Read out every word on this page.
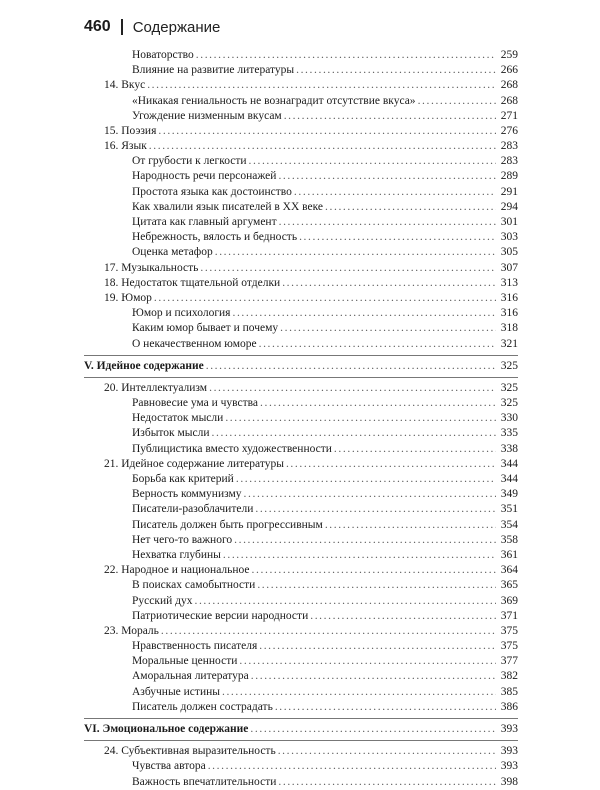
460 Содержание
Новаторство .....	259
Влияние на развитие литературы .....	266
14. Вкус .....	268
«Никакая гениальность не вознаградит отсутствие вкуса» .....	268
Угождение низменным вкусам .....	271
15. Поэзия .....	276
16. Язык .....	283
От грубости к легкости .....	283
Народность речи персонажей .....	289
Простота языка как достоинство .....	291
Как хвалили язык писателей в XX веке .....	294
Цитата как главный аргумент .....	301
Небрежность, вялость и бедность .....	303
Оценка метафор .....	305
17. Музыкальность .....	307
18. Недостаток тщательной отделки .....	313
19. Юмор .....	316
Юмор и психология .....	316
Каким юмор бывает и почему .....	318
О некачественном юморе .....	321
V. Идейное содержание .....	325
20. Интеллектуализм .....	325
Равновесие ума и чувства .....	325
Недостаток мысли .....	330
Избыток мысли .....	335
Публицистика вместо художественности .....	338
21. Идейное содержание литературы .....	344
Борьба как критерий .....	344
Верность коммунизму .....	349
Писатели-разоблачители .....	351
Писатель должен быть прогрессивным .....	354
Нет чего-то важного .....	358
Нехватка глубины .....	361
22. Народное и национальное .....	364
В поисках самобытности .....	365
Русский дух .....	369
Патриотические версии народности .....	371
23. Мораль .....	375
Нравственность писателя .....	375
Моральные ценности .....	377
Аморальная литература .....	382
Азбучные истины .....	385
Писатель должен сострадать .....	386
VI. Эмоциональное содержание .....	393
24. Субъективная выразительность .....	393
Чувства автора .....	393
Важность впечатлительности .....	398
